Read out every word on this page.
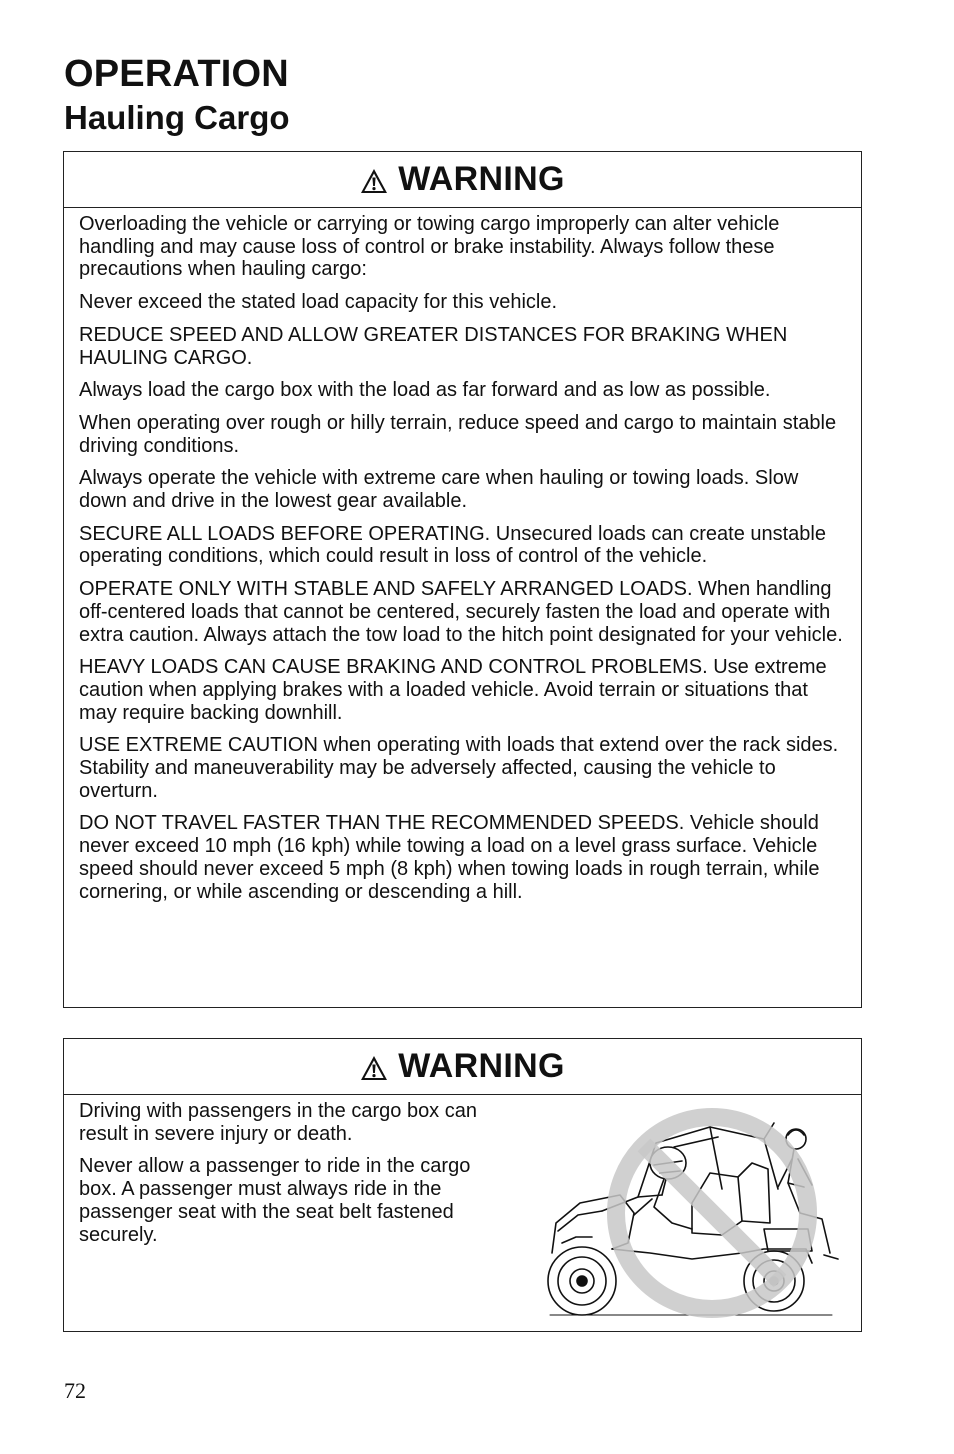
OPERATION
Hauling Cargo
WARNING

Overloading the vehicle or carrying or towing cargo improperly can alter vehicle handling and may cause loss of control or brake instability. Always follow these precautions when hauling cargo:

Never exceed the stated load capacity for this vehicle.

REDUCE SPEED AND ALLOW GREATER DISTANCES FOR BRAKING WHEN HAULING CARGO.

Always load the cargo box with the load as far forward and as low as possible.

When operating over rough or hilly terrain, reduce speed and cargo to maintain stable driving conditions.

Always operate the vehicle with extreme care when hauling or towing loads. Slow down and drive in the lowest gear available.

SECURE ALL LOADS BEFORE OPERATING. Unsecured loads can create unstable operating conditions, which could result in loss of control of the vehicle.

OPERATE ONLY WITH STABLE AND SAFELY ARRANGED LOADS. When handling off-centered loads that cannot be centered, securely fasten the load and operate with extra caution. Always attach the tow load to the hitch point designated for your vehicle.

HEAVY LOADS CAN CAUSE BRAKING AND CONTROL PROBLEMS. Use extreme caution when applying brakes with a loaded vehicle. Avoid terrain or situations that may require backing downhill.

USE EXTREME CAUTION when operating with loads that extend over the rack sides. Stability and maneuverability may be adversely affected, causing the vehicle to overturn.

DO NOT TRAVEL FASTER THAN THE RECOMMENDED SPEEDS. Vehicle should never exceed 10 mph (16 kph) while towing a load on a level grass surface. Vehicle speed should never exceed 5 mph (8 kph) when towing loads in rough terrain, while cornering, or while ascending or descending a hill.

WARNING

Driving with passengers in the cargo box can result in severe injury or death.

Never allow a passenger to ride in the cargo box. A passenger must always ride in the passenger seat with the seat belt fastened securely.

72
